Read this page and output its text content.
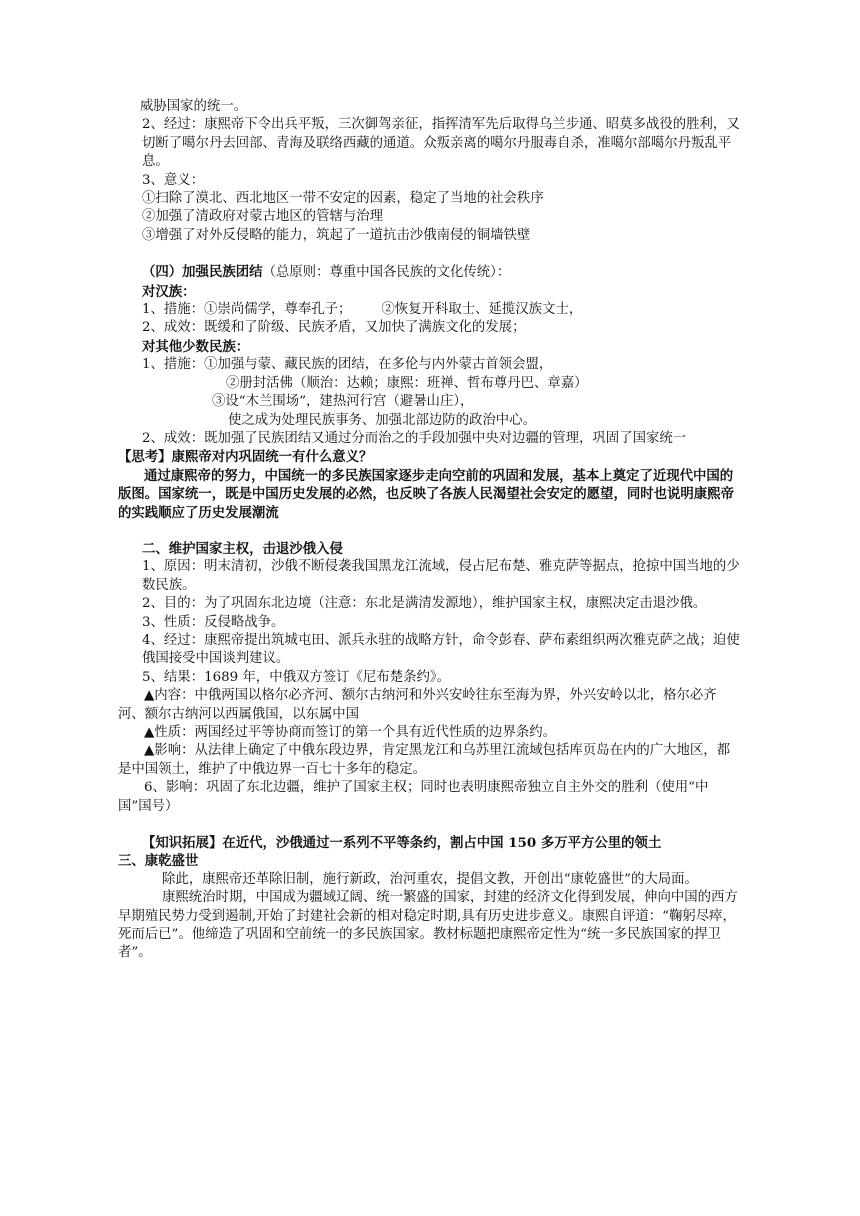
威胁国家的统一。
2、经过：康熙帝下令出兵平叛，三次御驾亲征，指挥清军先后取得乌兰步通、昭莫多战役的胜利，又切断了噶尔丹去回部、青海及联络西藏的通道。众叛亲离的噶尔丹服毒自杀，准噶尔部噶尔丹叛乱平息。
3、意义：
①扫除了漠北、西北地区一带不安定的因素，稳定了当地的社会秩序
②加强了清政府对蒙古地区的管辖与治理
③增强了对外反侵略的能力，筑起了一道抗击沙俄南侵的铜墙铁壁
（四）加强民族团结（总原则：尊重中国各民族的文化传统）：
对汉族：
1、措施：①崇尚儒学，尊奉孔子； ②恢复开科取士、延揽汉族文士，
2、成效：既缓和了阶级、民族矛盾，又加快了满族文化的发展；
对其他少数民族：
1、措施：①加强与蒙、藏民族的团结，在多伦与内外蒙古首领会盟，
②册封活佛（顺治：达赖；康熙：班禅、哲布尊丹巴、章嘉）
③设“木兰围场”，建热河行宫（避暑山庄），
使之成为处理民族事务、加强北部边防的政治中心。
2、成效：既加强了民族团结又通过分而治之的手段加强中央对边疆的管理，巩固了国家统一
【思考】康熙帝对内巩固统一有什么意义？
通过康熙帝的努力，中国统一的多民族国家逐步走向空前的巩固和发展，基本上奠定了近现代中国的版图。国家统一，既是中国历史发展的必然，也反映了各族人民渴望社会安定的愿望，同时也说明康熙帝的实践顺应了历史发展潮流
二、维护国家主权，击退沙俄入侵
1、原因：明末清初，沙俄不断侵袭我国黑龙江流域，侵占尼布楚、雅克萨等据点，抢掠中国当地的少数民族。
2、目的：为了巩固东北边境（注意：东北是满清发源地），维护国家主权，康熙决定击退沙俄。
3、性质：反侵略战争。
4、经过：康熙帝提出筑城屯田、派兵永驻的战略方针，命令彭春、萨布素组织两次雅克萨之战；迫使俄国接受中国谈判建议。
5、结果：1689 年，中俄双方签订《尼布楚条约》。
▲内容：中俄两国以格尔必齐河、额尔古纳河和外兴安岭往东至海为界，外兴安岭以北，格尔必齐河、额尔古纳河以西属俄国，以东属中国
▲性质：两国经过平等协商而签订的第一个具有近代性质的边界条约。
▲影响：从法律上确定了中俄东段边界，肯定黑龙江和乌苏里江流域包括库页岛在内的广大地区，都是中国领土，维护了中俄边界一百七十多年的稳定。
6、影响：巩固了东北边疆，维护了国家主权；同时也表明康熙帝独立自主外交的胜利（使用“中国”国号）
【知识拓展】在近代，沙俄通过一系列不平等条约，割占中国 150 多万平方公里的领土
三、康乾盛世
除此，康熙帝还革除旧制，施行新政，治河重农，提倡文教，开创出“康乾盛世”的大局面。
康熙统治时期，中国成为疆域辽阔、统一繁盛的国家，封建的经济文化得到发展，伸向中国的西方早期殖民势力受到遏制,开始了封建社会新的相对稳定时期,具有历史进步意义。康熙自评道：“鞠躬尽瘁，死而后已”。他缔造了巩固和空前统一的多民族国家。教材标题把康熙帝定性为“统一多民族国家的捍卫者”。
